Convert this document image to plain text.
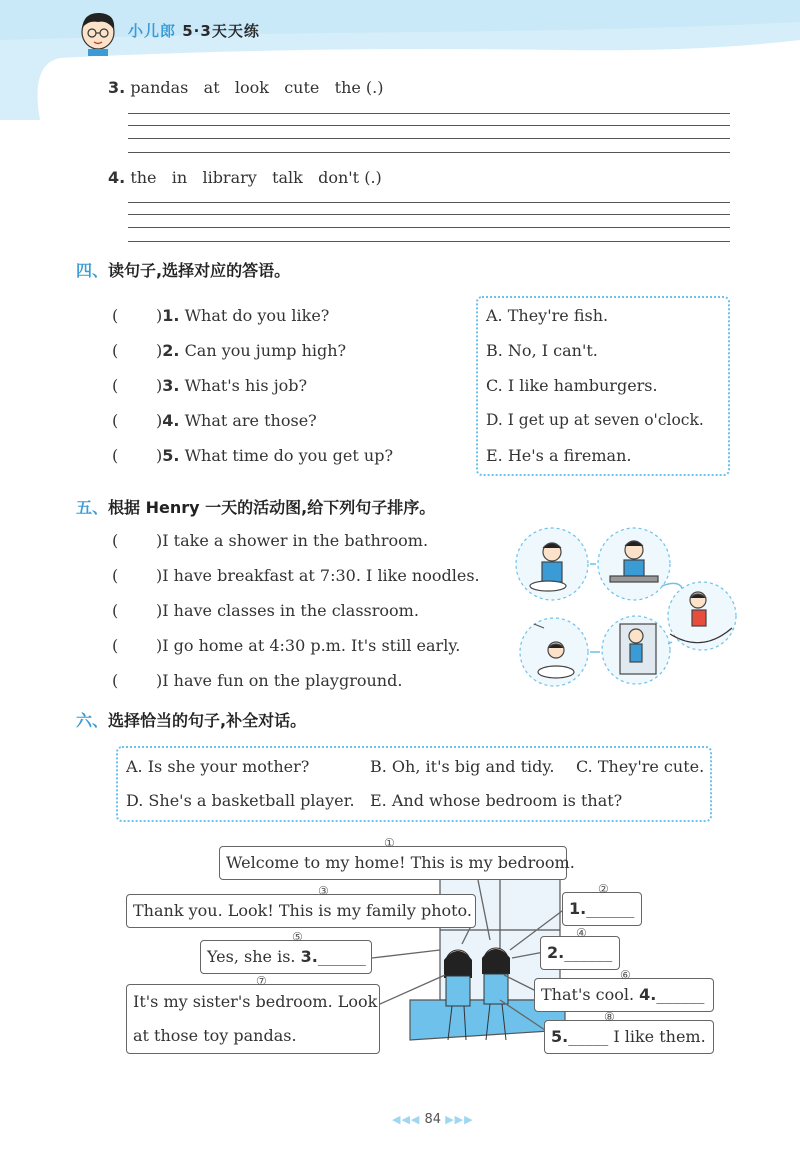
小儿郎 5·3天天练
3. pandas   at   look   cute   the (.)
4. the   in   library   talk   don't (.)
四、读句子,选择对应的答语。
( )1. What do you like?
( )2. Can you jump high?
( )3. What's his job?
( )4. What are those?
( )5. What time do you get up?
A. They're fish.
B. No, I can't.
C. I like hamburgers.
D. I get up at seven o'clock.
E. He's a fireman.
五、根据 Henry 一天的活动图,给下列句子排序。
( )I take a shower in the bathroom.
( )I have breakfast at 7:30. I like noodles.
( )I have classes in the classroom.
( )I go home at 4:30 p.m. It's still early.
( )I have fun on the playground.
六、选择恰当的句子,补全对话。
A. Is she your mother?	B. Oh, it's big and tidy. C. They're cute.
D. She's a basketball player. E. And whose bedroom is that?
Welcome to my home! This is my bedroom.
①
Thank you. Look! This is my family photo.
③
Yes, she is. 3.______
⑤
It's my sister's bedroom. Look
at those toy pandas.
⑦
1.______
②
2.______
④
That's cool. 4.______
⑥
5._____ I like them.
⑧
◀◀◀ 84 ▶▶▶
